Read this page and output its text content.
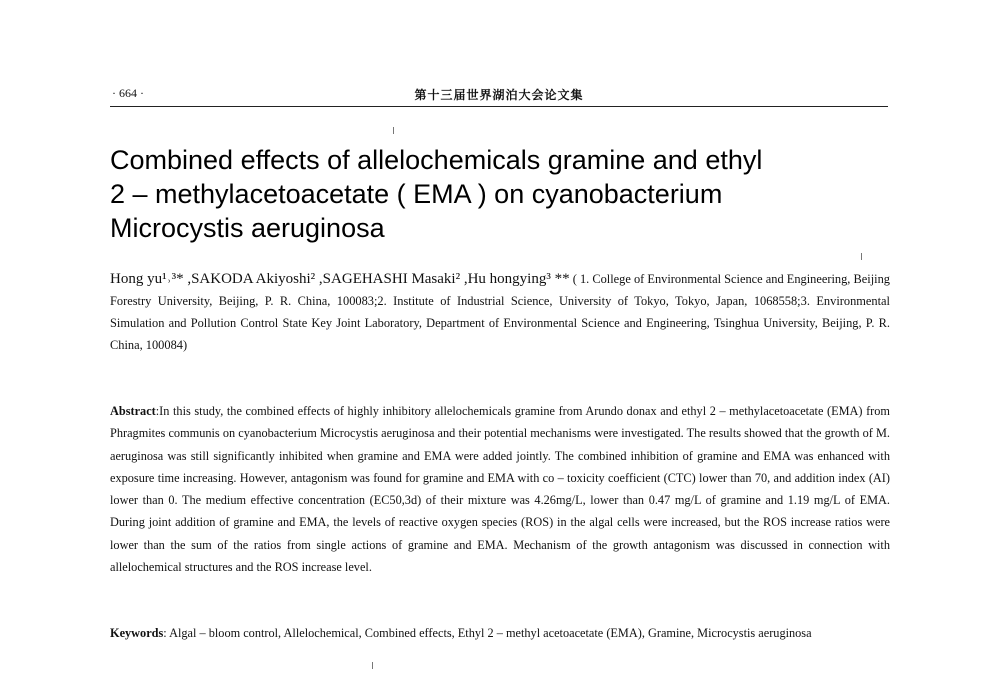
· 664 ·	第十三届世界湖泊大会论文集
Combined effects of allelochemicals gramine and ethyl
2 – methylacetoacetate ( EMA ) on cyanobacterium
Microcystis aeruginosa

Hong yu¹˒³* ,SAKODA Akiyoshi² ,SAGEHASHI Masaki² ,Hu hongying³ ** ( 1. College of Environmental Science and Engineering, Beijing Forestry University, Beijing, P. R. China, 100083;2. Institute of Industrial Science, University of Tokyo, Tokyo, Japan, 1068558;3. Environmental Simulation and Pollution Control State Key Joint Laboratory, Department of Environmental Science and Engineering, Tsinghua University, Beijing, P. R. China, 100084)

Abstract:In this study, the combined effects of highly inhibitory allelochemicals gramine from Arundo donax and ethyl 2 – methylacetoacetate (EMA) from Phragmites communis on cyanobacterium Microcystis aeruginosa and their potential mechanisms were investigated. The results showed that the growth of M. aeruginosa was still significantly inhibited when gramine and EMA were added jointly. The combined inhibition of gramine and EMA was enhanced with exposure time increasing. However, antagonism was found for gramine and EMA with co – toxicity coefficient (CTC) lower than 70, and addition index (AI) lower than 0. The medium effective concentration (EC50,3d) of their mixture was 4.26mg/L, lower than 0.47 mg/L of gramine and 1.19 mg/L of EMA. During joint addition of gramine and EMA, the levels of reactive oxygen species (ROS) in the algal cells were increased, but the ROS increase ratios were lower than the sum of the ratios from single actions of gramine and EMA. Mechanism of the growth antagonism was discussed in connection with allelochemical structures and the ROS increase level.

Keywords: Algal – bloom control, Allelochemical, Combined effects, Ethyl 2 – methyl acetoacetate (EMA), Gramine, Microcystis aeruginosa
